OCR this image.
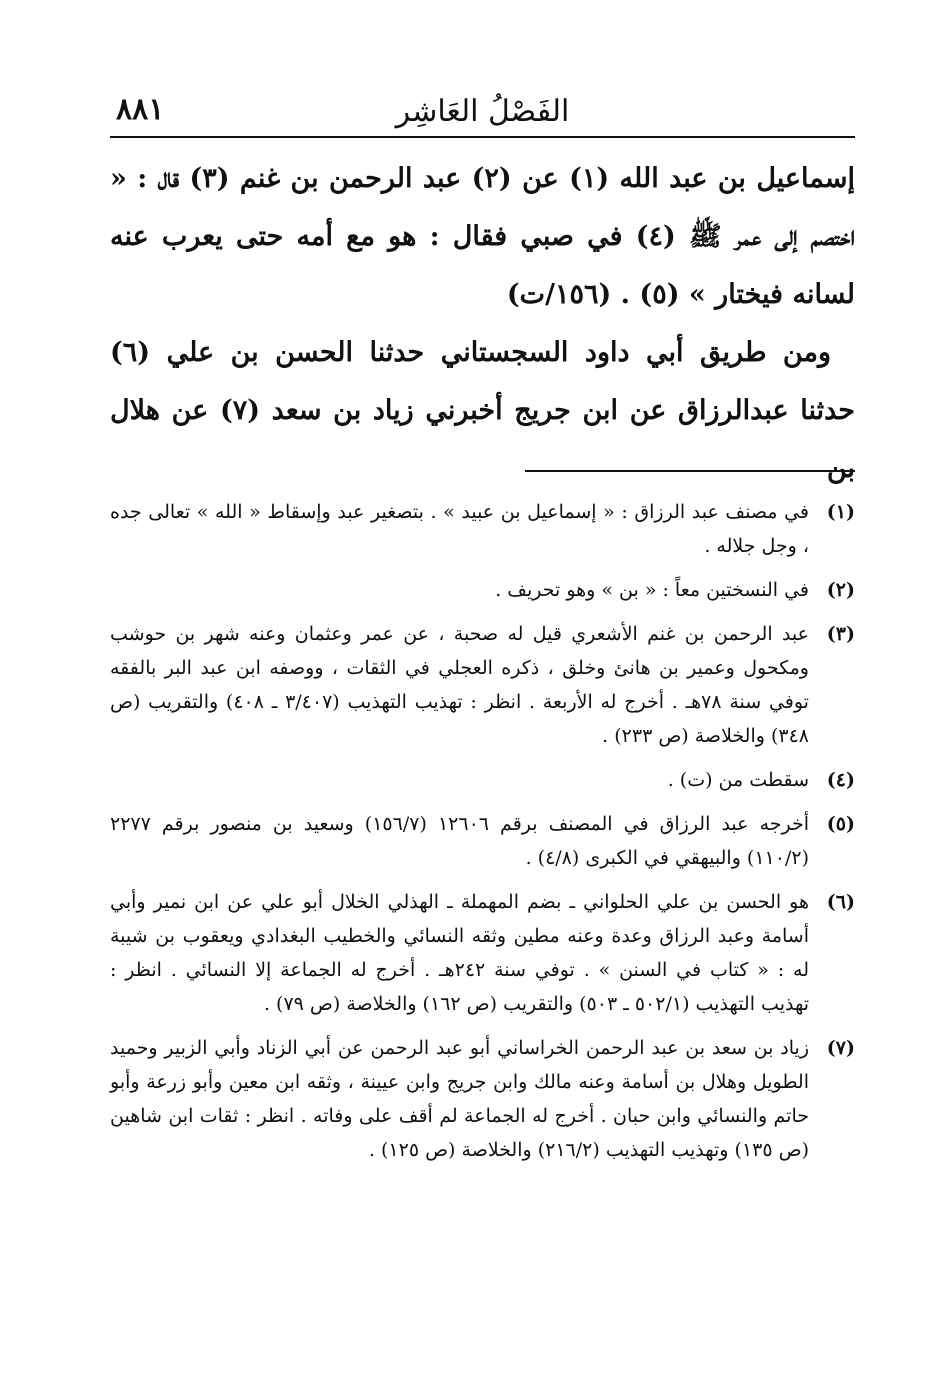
٨٨١	الفَصْلُ العَاشِر

إسماعيل بن عبد الله (١) عن (٢) عبد الرحمن بن غنم (٣) قال : « اختصم إلى عمر ﷺ (٤) في صبي فقال : هو مع أمه حتى يعرب عنه لسانه فيختار » (٥) . (١٥٦/ت)

ومن طريق أبي داود السجستاني حدثنا الحسن بن علي (٦) حدثنا عبدالرزاق عن ابن جريج أخبرني زياد بن سعد (٧) عن هلال بن

(١)
في مصنف عبد الرزاق : « إسماعيل بن عبيد » . بتصغير عبد وإسقاط « الله » تعالى جده ، وجل جلاله .
(٢)
في النسختين معاً : « بن » وهو تحريف .
(٣)
عبد الرحمن بن غنم الأشعري قيل له صحبة ، عن عمر وعثمان وعنه شهر بن حوشب ومكحول وعمير بن هانئ وخلق ، ذكره العجلي في الثقات ، ووصفه ابن عبد البر بالفقه توفي سنة ٧٨هـ . أخرج له الأربعة . انظر : تهذيب التهذيب (٣/٤٠٧ ـ ٤٠٨) والتقريب (ص ٣٤٨) والخلاصة (ص ٢٣٣) .
(٤)
سقطت من (ت) .
(٥)
أخرجه عبد الرزاق في المصنف برقم ١٢٦٠٦ (١٥٦/٧) وسعيد بن منصور برقم ٢٢٧٧ (١١٠/٢) والبيهقي في الكبرى (٤/٨) .
(٦)
هو الحسن بن علي الحلواني ـ بضم المهملة ـ الهذلي الخلال أبو علي عن ابن نمير وأبي أسامة وعبد الرزاق وعدة وعنه مطين وثقه النسائي والخطيب البغدادي ويعقوب بن شيبة له : « كتاب في السنن » . توفي سنة ٢٤٢هـ . أخرج له الجماعة إلا النسائي . انظر : تهذيب التهذيب (٥٠٢/١ ـ ٥٠٣) والتقريب (ص ١٦٢) والخلاصة (ص ٧٩) .
(٧)
زياد بن سعد بن عبد الرحمن الخراساني أبو عبد الرحمن عن أبي الزناد وأبي الزبير وحميد الطويل وهلال بن أسامة وعنه مالك وابن جريج وابن عيينة ، وثقه ابن معين وأبو زرعة وأبو حاتم والنسائي وابن حبان . أخرج له الجماعة لم أقف على وفاته . انظر : ثقات ابن شاهين (ص ١٣٥) وتهذيب التهذيب (٢١٦/٢) والخلاصة (ص ١٢٥) .
